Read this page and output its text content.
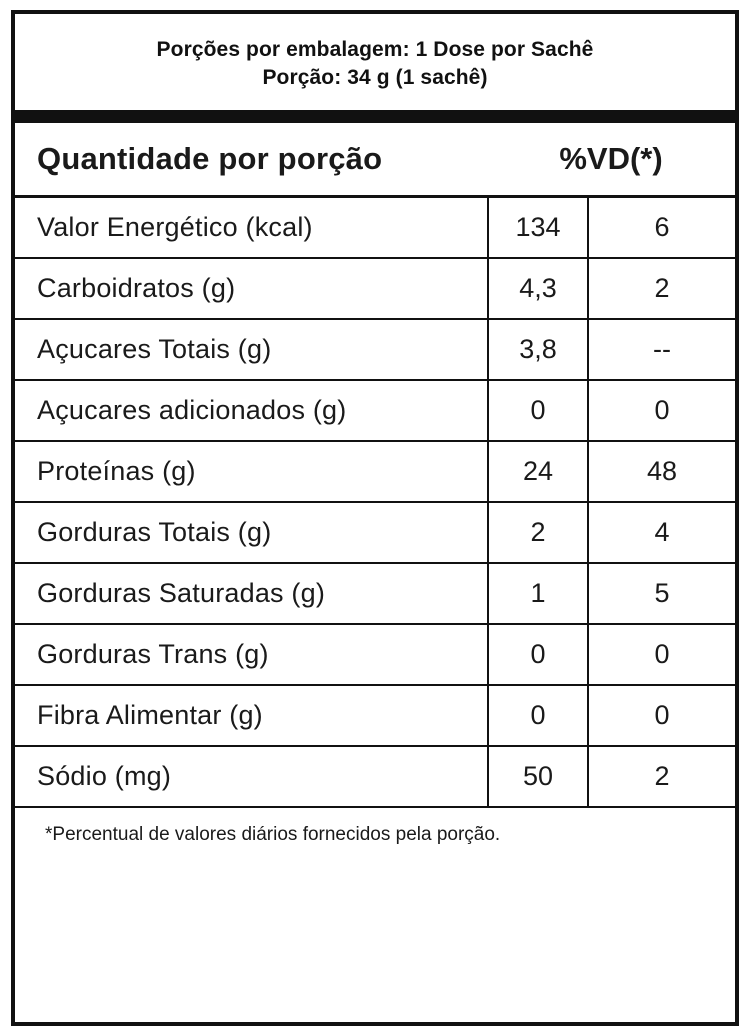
Porções por embalagem: 1 Dose por Sachê
Porção: 34 g (1 sachê)
Quantidade por porção	%VD(*)
Valor Energético (kcal)	134	6
Carboidratos (g)	4,3	2
Açucares Totais (g)	3,8	--
Açucares adicionados (g)	0	0
Proteínas (g)	24	48
Gorduras Totais (g)	2	4
Gorduras Saturadas (g)	1	5
Gorduras Trans (g)	0	0
Fibra Alimentar (g)	0	0
Sódio (mg)	50	2
*Percentual de valores diários fornecidos pela porção.
